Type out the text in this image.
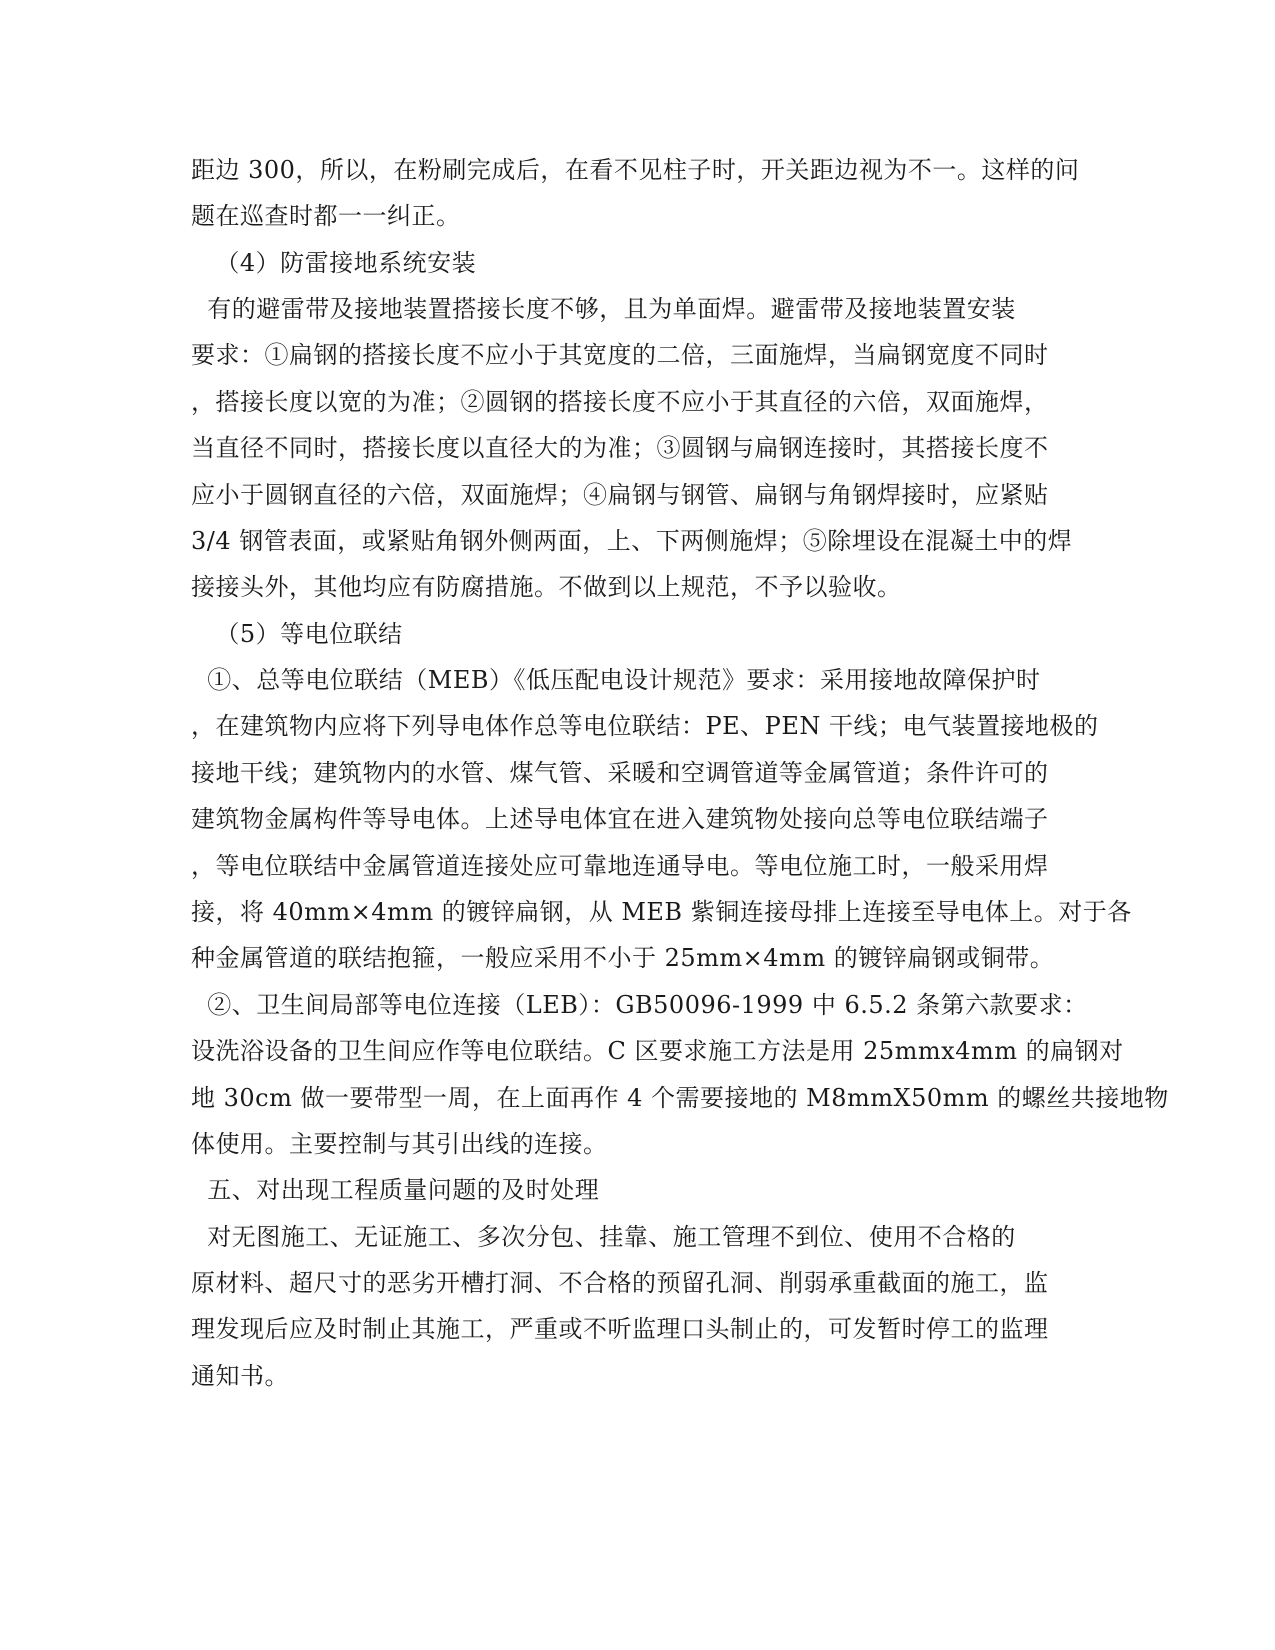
距边 300，所以，在粉刷完成后，在看不见柱子时，开关距边视为不一。这样的问
题在巡查时都一一纠正。
（4）防雷接地系统安装
有的避雷带及接地装置搭接长度不够，且为单面焊。避雷带及接地装置安装
要求：①扁钢的搭接长度不应小于其宽度的二倍，三面施焊，当扁钢宽度不同时
，搭接长度以宽的为准；②圆钢的搭接长度不应小于其直径的六倍，双面施焊，
当直径不同时，搭接长度以直径大的为准；③圆钢与扁钢连接时，其搭接长度不
应小于圆钢直径的六倍，双面施焊；④扁钢与钢管、扁钢与角钢焊接时，应紧贴
3/4 钢管表面，或紧贴角钢外侧两面，上、下两侧施焊；⑤除埋设在混凝土中的焊
接接头外，其他均应有防腐措施。不做到以上规范，不予以验收。
（5）等电位联结
①、总等电位联结（MEB）《低压配电设计规范》要求：采用接地故障保护时
，在建筑物内应将下列导电体作总等电位联结：PE、PEN 干线；电气装置接地极的
接地干线；建筑物内的水管、煤气管、采暖和空调管道等金属管道；条件许可的
建筑物金属构件等导电体。上述导电体宜在进入建筑物处接向总等电位联结端子
，等电位联结中金属管道连接处应可靠地连通导电。等电位施工时，一般采用焊
接，将 40mm×4mm 的镀锌扁钢，从 MEB 紫铜连接母排上连接至导电体上。对于各
种金属管道的联结抱箍，一般应采用不小于 25mm×4mm 的镀锌扁钢或铜带。
②、卫生间局部等电位连接（LEB）：GB50096-1999 中 6.5.2 条第六款要求：
设洗浴设备的卫生间应作等电位联结。C 区要求施工方法是用 25mmx4mm 的扁钢对
地 30cm 做一要带型一周，在上面再作 4 个需要接地的 M8mmX50mm 的螺丝共接地物
体使用。主要控制与其引出线的连接。
五、对出现工程质量问题的及时处理
对无图施工、无证施工、多次分包、挂靠、施工管理不到位、使用不合格的
原材料、超尺寸的恶劣开槽打洞、不合格的预留孔洞、削弱承重截面的施工，监
理发现后应及时制止其施工，严重或不听监理口头制止的，可发暂时停工的监理
通知书。
